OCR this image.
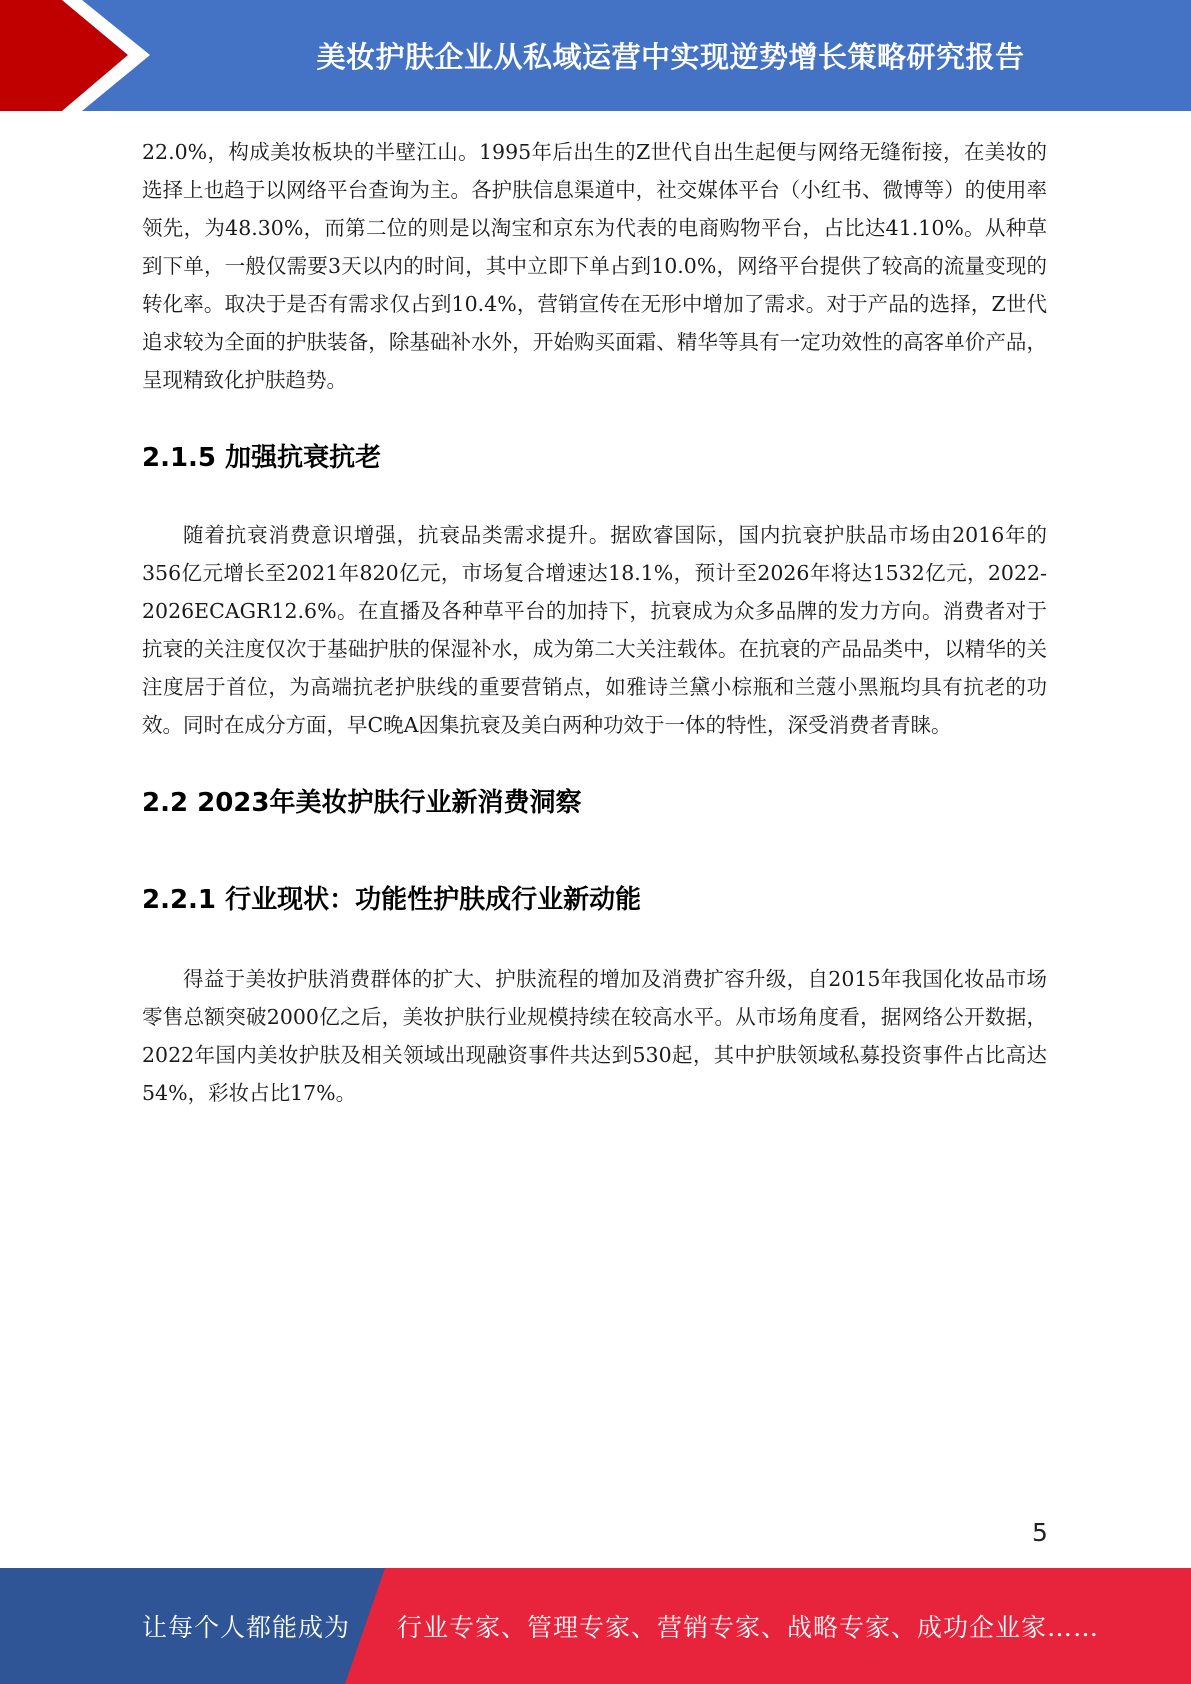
美妆护肤企业从私域运营中实现逆势增长策略研究报告

22.0%，构成美妆板块的半壁江山。1995年后出生的Z世代自出生起便与网络无缝衔接，在美妆的选择上也趋于以网络平台查询为主。各护肤信息渠道中，社交媒体平台（小红书、微博等）的使用率领先，为48.30%，而第二位的则是以淘宝和京东为代表的电商购物平台，占比达41.10%。从种草到下单，一般仅需要3天以内的时间，其中立即下单占到10.0%，网络平台提供了较高的流量变现的转化率。取决于是否有需求仅占到10.4%，营销宣传在无形中增加了需求。对于产品的选择，Z世代追求较为全面的护肤装备，除基础补水外，开始购买面霜、精华等具有一定功效性的高客单价产品，呈现精致化护肤趋势。

2.1.5 加强抗衰抗老

随着抗衰消费意识增强，抗衰品类需求提升。据欧睿国际，国内抗衰护肤品市场由2016年的356亿元增长至2021年820亿元，市场复合增速达18.1%，预计至2026年将达1532亿元，2022-2026ECAGR12.6%。在直播及各种草平台的加持下，抗衰成为众多品牌的发力方向。消费者对于抗衰的关注度仅次于基础护肤的保湿补水，成为第二大关注载体。在抗衰的产品品类中，以精华的关注度居于首位，为高端抗老护肤线的重要营销点，如雅诗兰黛小棕瓶和兰蔻小黑瓶均具有抗老的功效。同时在成分方面，早C晚A因集抗衰及美白两种功效于一体的特性，深受消费者青睐。

2.2 2023年美妆护肤行业新消费洞察
2.2.1 行业现状：功能性护肤成行业新动能

得益于美妆护肤消费群体的扩大、护肤流程的增加及消费扩容升级，自2015年我国化妆品市场零售总额突破2000亿之后，美妆护肤行业规模持续在较高水平。从市场角度看，据网络公开数据，2022年国内美妆护肤及相关领域出现融资事件共达到530起，其中护肤领域私募投资事件占比高达54%，彩妆占比17%。

5
让每个人都能成为 行业专家、管理专家、营销专家、战略专家、成功企业家……
